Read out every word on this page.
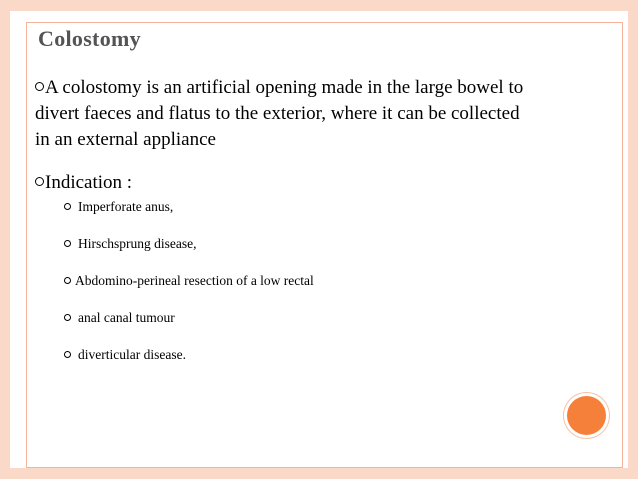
Colostomy

A colostomy is an artificial opening made in the large bowel to divert faeces and flatus to the exterior, where it can be collected in an external appliance

Indication :

Imperforate anus,
Hirschsprung disease,
Abdomino-perineal resection of a low rectal
anal canal tumour
diverticular disease.
